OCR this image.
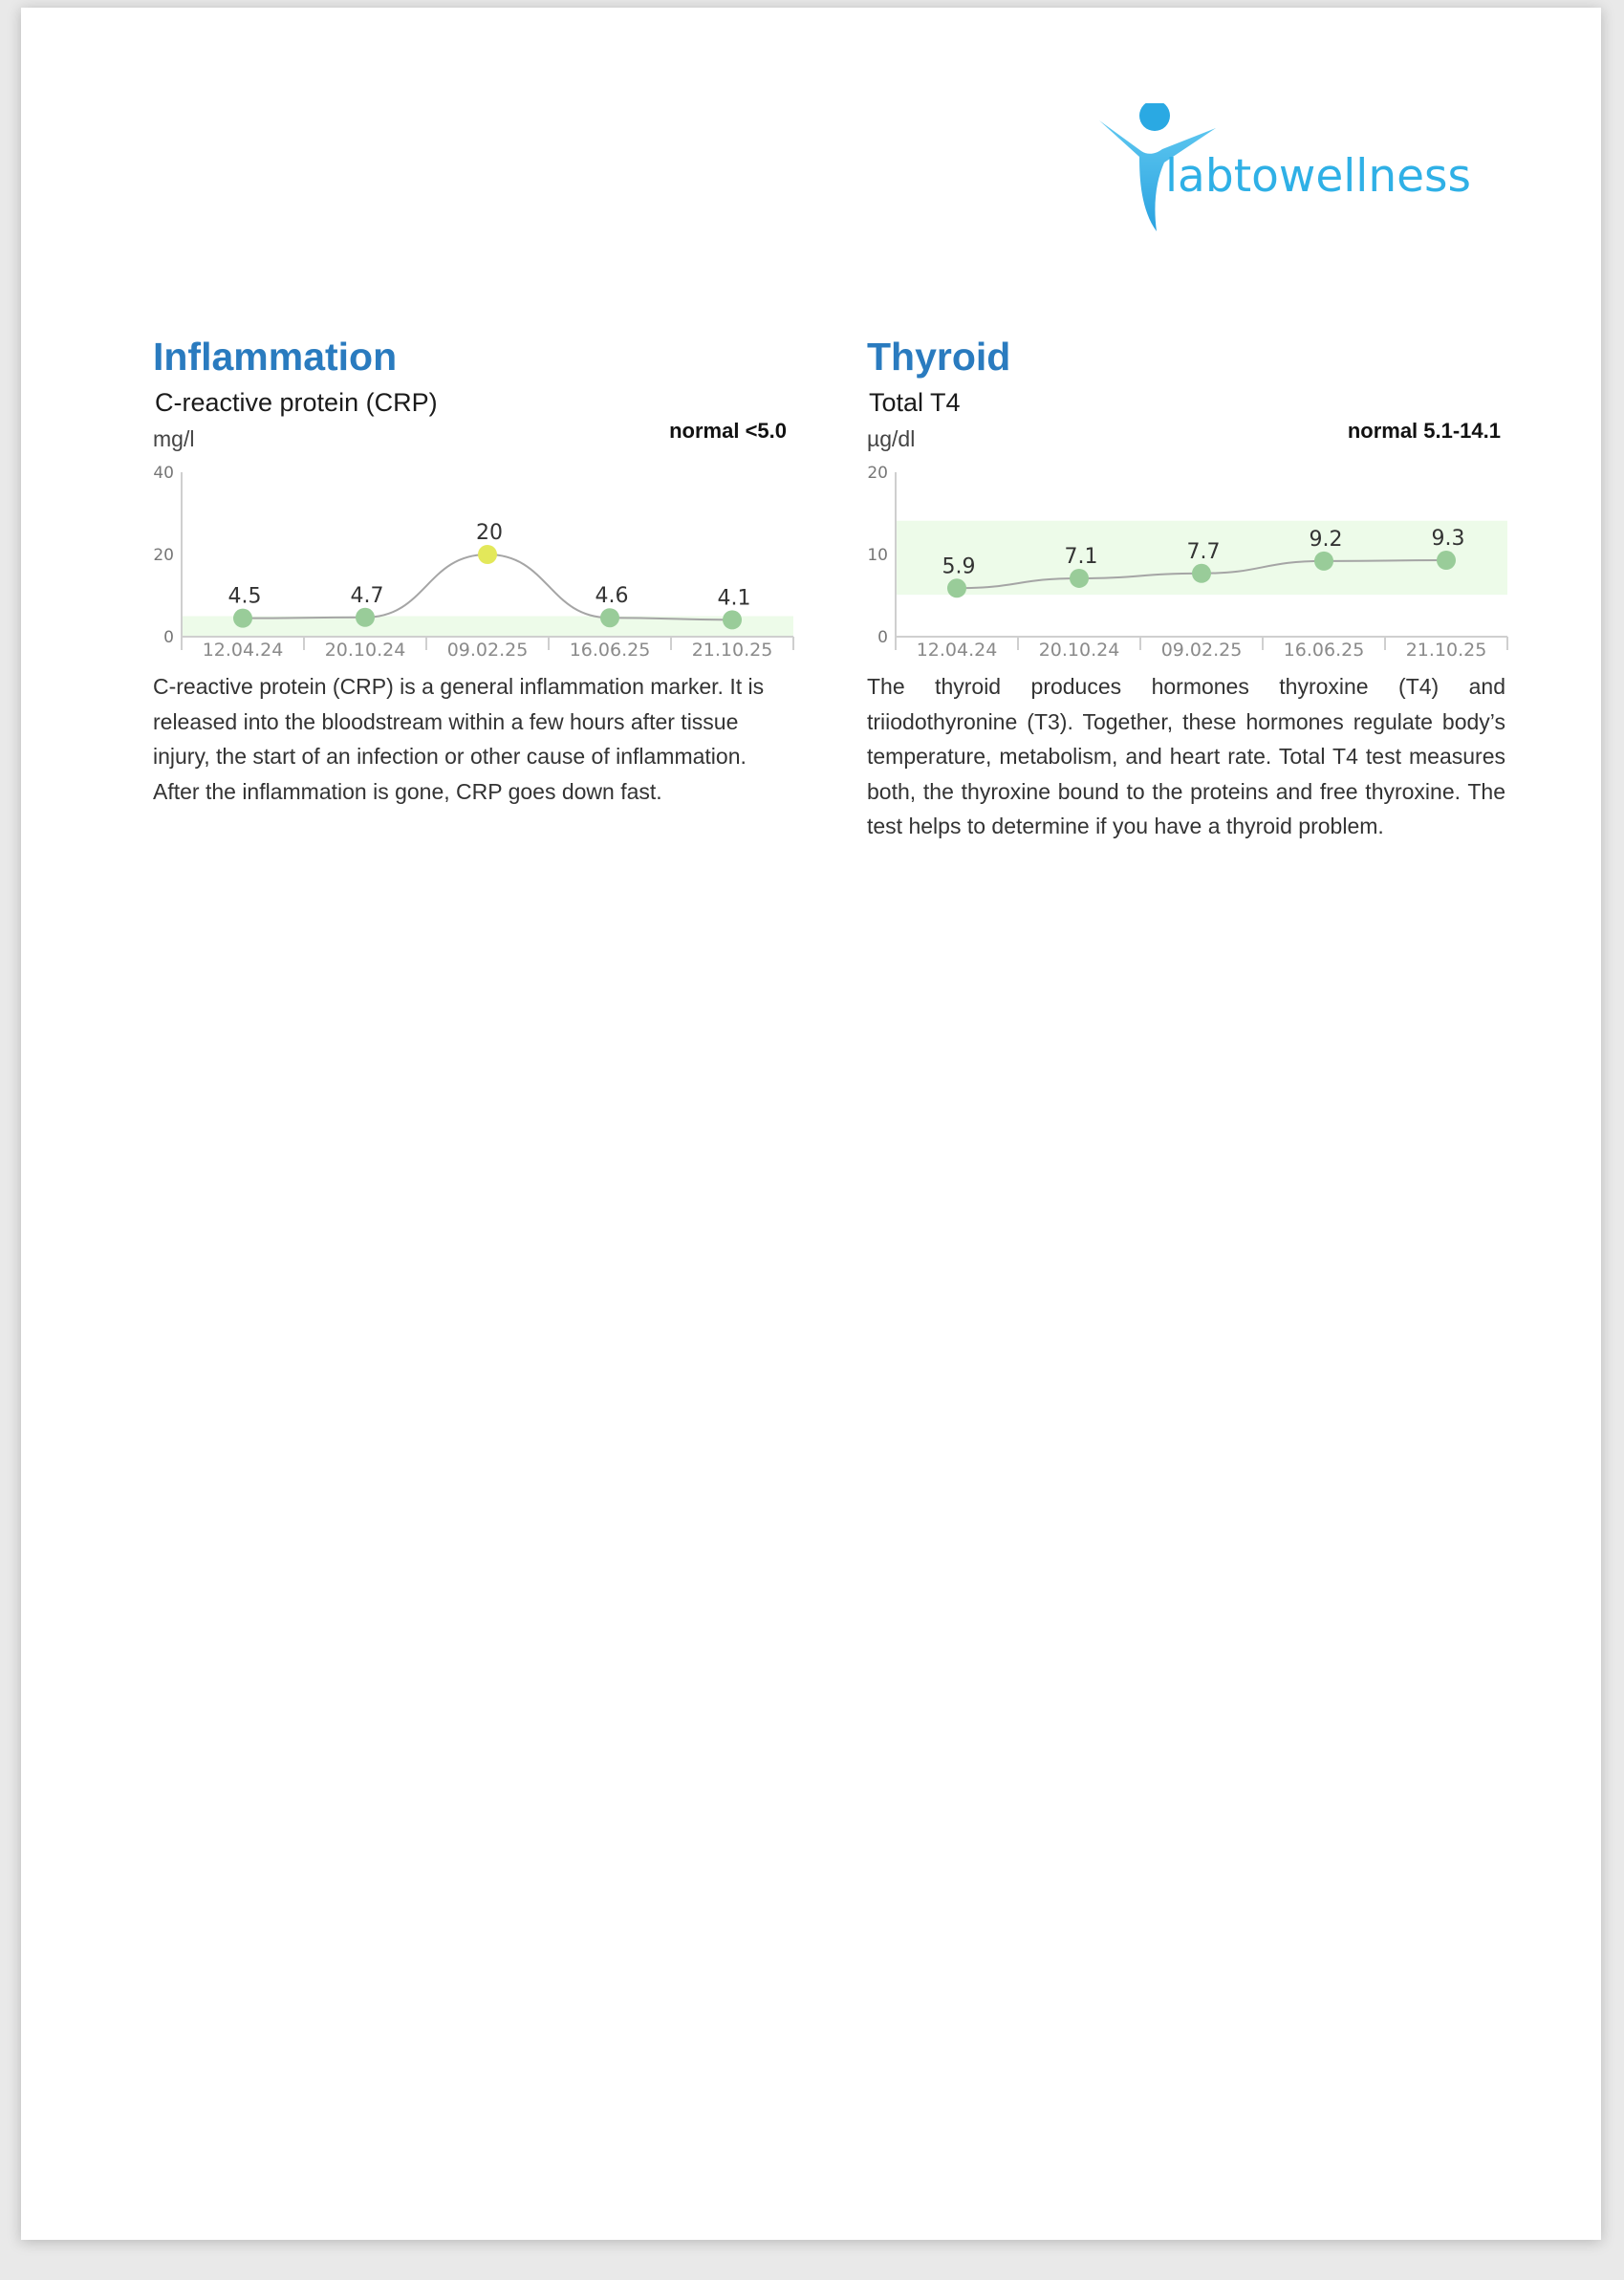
labtowellness
Inflammation
C-reactive protein (CRP)
normal <5.0
mg/l
0
20
40
12.04.24 20.10.24 09.02.25 16.06.25 21.10.25
4.5	4.7
20
4.6	4.1
C-reactive protein (CRP) is a general inflammation marker. It is released into the bloodstream within a few hours after tissue injury, the start of an infection or other cause of inflammation. After the inflammation is gone, CRP goes down fast.
Thyroid
Total T4
normal 5.1-14.1
µg/dl
0
10
20
12.04.24 20.10.24 09.02.25 16.06.25 21.10.25
5.9	7.1	7.7
9.2	9.3
The thyroid produces hormones thyroxine (T4) and triiodothyronine (T3). Together, these hormones regulate body’s temperature, metabolism, and heart rate. Total T4 test measures both, the thyroxine bound to the proteins and free thyroxine. The test helps to determine if you have a thyroid problem.
